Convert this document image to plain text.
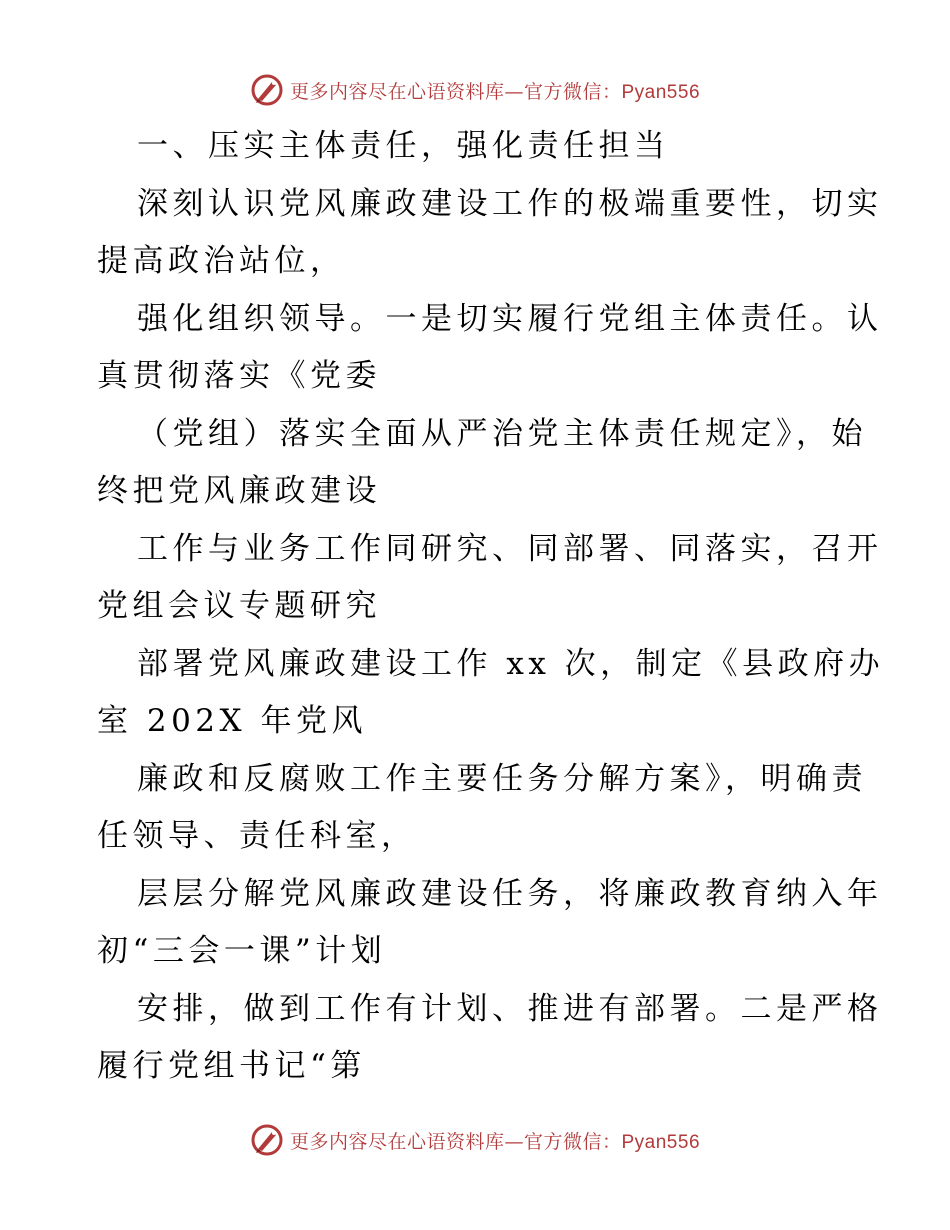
更多内容尽在心语资料库—官方微信：Pyan556
一、压实主体责任，强化责任担当
深刻认识党风廉政建设工作的极端重要性，切实
提高政治站位，
强化组织领导。一是切实履行党组主体责任。认
真贯彻落实《党委
（党组）落实全面从严治党主体责任规定》，始
终把党风廉政建设
工作与业务工作同研究、同部署、同落实，召开
党组会议专题研究
部署党风廉政建设工作 xx 次，制定《县政府办
室 202X 年党风
廉政和反腐败工作主要任务分解方案》，明确责
任领导、责任科室，
层层分解党风廉政建设任务，将廉政教育纳入年
初“三会一课”计划
安排，做到工作有计划、推进有部署。二是严格
履行党组书记“第
更多内容尽在心语资料库—官方微信：Pyan556
